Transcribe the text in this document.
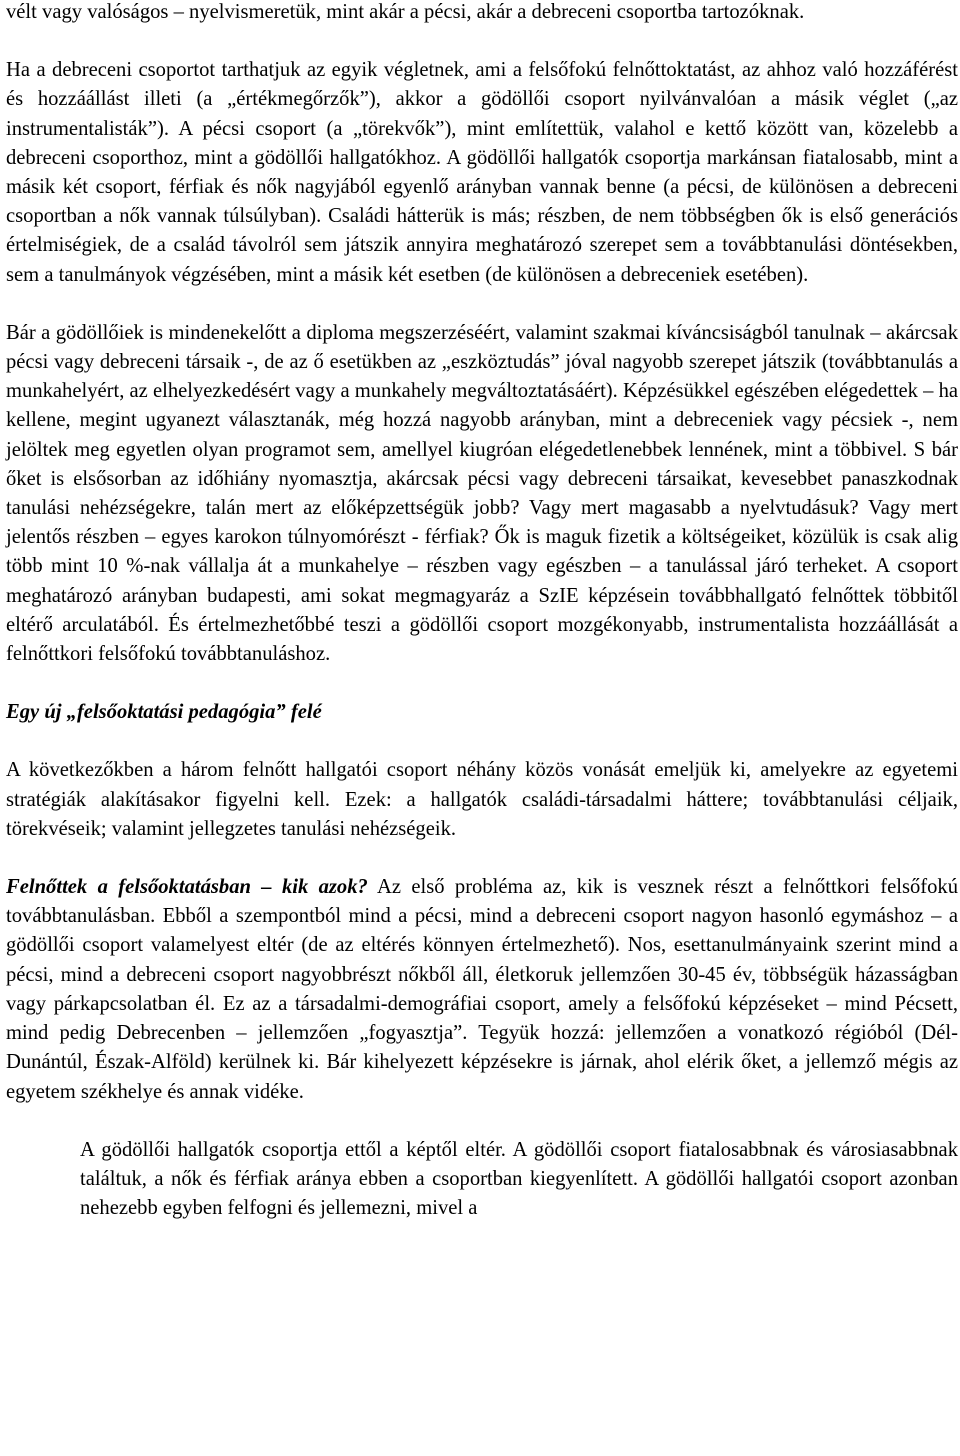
vélt vagy valóságos – nyelvismeretük, mint akár a pécsi, akár a debreceni csoportba tartozóknak.

Ha a debreceni csoportot tarthatjuk az egyik végletnek, ami a felsőfokú felnőttoktatást, az ahhoz való hozzáférést és hozzáállást illeti (a „értékmegőrzők”), akkor a gödöllői csoport nyilvánvalóan a másik véglet („az instrumentalisták”). A pécsi csoport (a „törekvők”), mint említettük, valahol e kettő között van, közelebb a debreceni csoporthoz, mint a gödöllői hallgatókhoz. A gödöllői hallgatók csoportja markánsan fiatalosabb, mint a másik két csoport, férfiak és nők nagyjából egyenlő arányban vannak benne (a pécsi, de különösen a debreceni csoportban a nők vannak túlsúlyban). Családi hátterük is más; részben, de nem többségben ők is első generációs értelmiségiek, de a család távolról sem játszik annyira meghatározó szerepet sem a továbbtanulási döntésekben, sem a tanulmányok végzésében, mint a másik két esetben (de különösen a debreceniek esetében).

Bár a gödöllőiek is mindenekelőtt a diploma megszerzéséért, valamint szakmai kíváncsiságból tanulnak – akárcsak pécsi vagy debreceni társaik -, de az ő esetükben az „eszköztudás” jóval nagyobb szerepet játszik (továbbtanulás a munkahelyért, az elhelyezkedésért vagy a munkahely megváltoztatásáért). Képzésükkel egészében elégedettek – ha kellene, megint ugyanezt választanák, még hozzá nagyobb arányban, mint a debreceniek vagy pécsiek -, nem jelöltek meg egyetlen olyan programot sem, amellyel kiugróan elégedetlenebbek lennének, mint a többivel. S bár őket is elsősorban az időhiány nyomasztja, akárcsak pécsi vagy debreceni társaikat, kevesebbet panaszkodnak tanulási nehézségekre, talán mert az előképzettségük jobb? Vagy mert magasabb a nyelvtudásuk? Vagy mert jelentős részben – egyes karokon túlnyomórészt - férfiak? Ők is maguk fizetik a költségeiket, közülük is csak alig több mint 10 %-nak vállalja át a munkahelye – részben vagy egészben – a tanulással járó terheket. A csoport meghatározó arányban budapesti, ami sokat megmagyaráz a SzIE képzésein továbbhallgató felnőttek többitől eltérő arculatából. És értelmezhetőbbé teszi a gödöllői csoport mozgékonyabb, instrumentalista hozzáállását a felnőttkori felsőfokú továbbtanuláshoz.

Egy új „felsőoktatási pedagógia” felé

A következőkben a három felnőtt hallgatói csoport néhány közös vonását emeljük ki, amelyekre az egyetemi stratégiák alakításakor figyelni kell. Ezek: a hallgatók családi-társadalmi háttere; továbbtanulási céljaik, törekvéseik; valamint jellegzetes tanulási nehézségeik.

Felnőttek a felsőoktatásban – kik azok? Az első probléma az, kik is vesznek részt a felnőttkori felsőfokú továbbtanulásban. Ebből a szempontból mind a pécsi, mind a debreceni csoport nagyon hasonló egymáshoz – a gödöllői csoport valamelyest eltér (de az eltérés könnyen értelmezhető). Nos, esettanulmányaink szerint mind a pécsi, mind a debreceni csoport nagyobbrészt nőkből áll, életkoruk jellemzően 30-45 év, többségük házasságban vagy párkapcsolatban él. Ez az a társadalmi-demográfiai csoport, amely a felsőfokú képzéseket – mind Pécsett, mind pedig Debrecenben – jellemzően „fogyasztja”. Tegyük hozzá: jellemzően a vonatkozó régióból (Dél-Dunántúl, Észak-Alföld) kerülnek ki. Bár kihelyezett képzésekre is járnak, ahol elérik őket, a jellemző mégis az egyetem székhelye és annak vidéke.

A gödöllői hallgatók csoportja ettől a képtől eltér. A gödöllői csoport fiatalosabbnak és városiasabbnak találtuk, a nők és férfiak aránya ebben a csoportban kiegyenlített. A gödöllői hallgatói csoport azonban nehezebb egyben felfogni és jellemezni, mivel a
